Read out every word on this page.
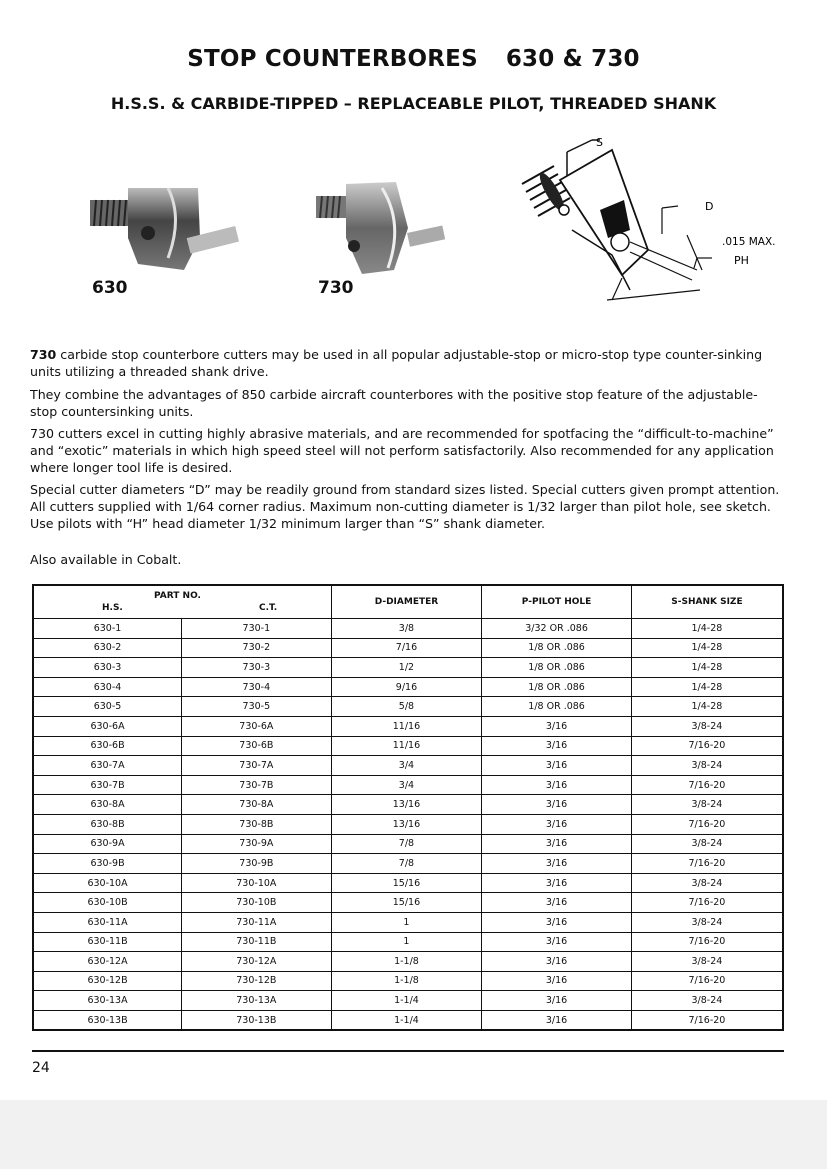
STOP COUNTERBORES 630 & 730
H.S.S. & CARBIDE-TIPPED – REPLACEABLE PILOT, THREADED SHANK
630	730
S
D
.015 MAX.
PH
730 carbide stop counterbore cutters may be used in all popular adjustable-stop or micro-stop type counter-sinking units utilizing a threaded shank drive.
They combine the advantages of 850 carbide aircraft counterbores with the positive stop feature of the adjustable-stop countersinking units.
730 cutters excel in cutting highly abrasive materials, and are recommended for spotfacing the “difficult-to-machine” and “exotic” materials in which high speed steel will not perform satisfactorily. Also recommended for any application where longer tool life is desired.
Special cutter diameters “D” may be readily ground from standard sizes listed. Special cutters given prompt attention. All cutters supplied with 1/64 corner radius. Maximum non-cutting diameter is 1/32 larger than pilot hole, see sketch. Use pilots with “H” head diameter 1/32 minimum larger than “S” shank diameter.
Also available in Cobalt.
PART NO.
H.S. C.T.		D-DIAMETER	P-PILOT HOLE	S-SHANK SIZE
630-1	730-1	3/8	3/32 OR .086	1/4-28
630-2	730-2	7/16	1/8 OR .086	1/4-28
630-3	730-3	1/2	1/8 OR .086	1/4-28
630-4	730-4	9/16	1/8 OR .086	1/4-28
630-5	730-5	5/8	1/8 OR .086	1/4-28
630-6A	730-6A	11/16	3/16	3/8-24
630-6B	730-6B	11/16	3/16	7/16-20
630-7A	730-7A	3/4	3/16	3/8-24
630-7B	730-7B	3/4	3/16	7/16-20
630-8A	730-8A	13/16	3/16	3/8-24
630-8B	730-8B	13/16	3/16	7/16-20
630-9A	730-9A	7/8	3/16	3/8-24
630-9B	730-9B	7/8	3/16	7/16-20
630-10A	730-10A	15/16	3/16	3/8-24
630-10B	730-10B	15/16	3/16	7/16-20
630-11A	730-11A	1	3/16	3/8-24
630-11B	730-11B	1	3/16	7/16-20
630-12A	730-12A	1-1/8	3/16	3/8-24
630-12B	730-12B	1-1/8	3/16	7/16-20
630-13A	730-13A	1-1/4	3/16	3/8-24
630-13B	730-13B	1-1/4	3/16	7/16-20
24
